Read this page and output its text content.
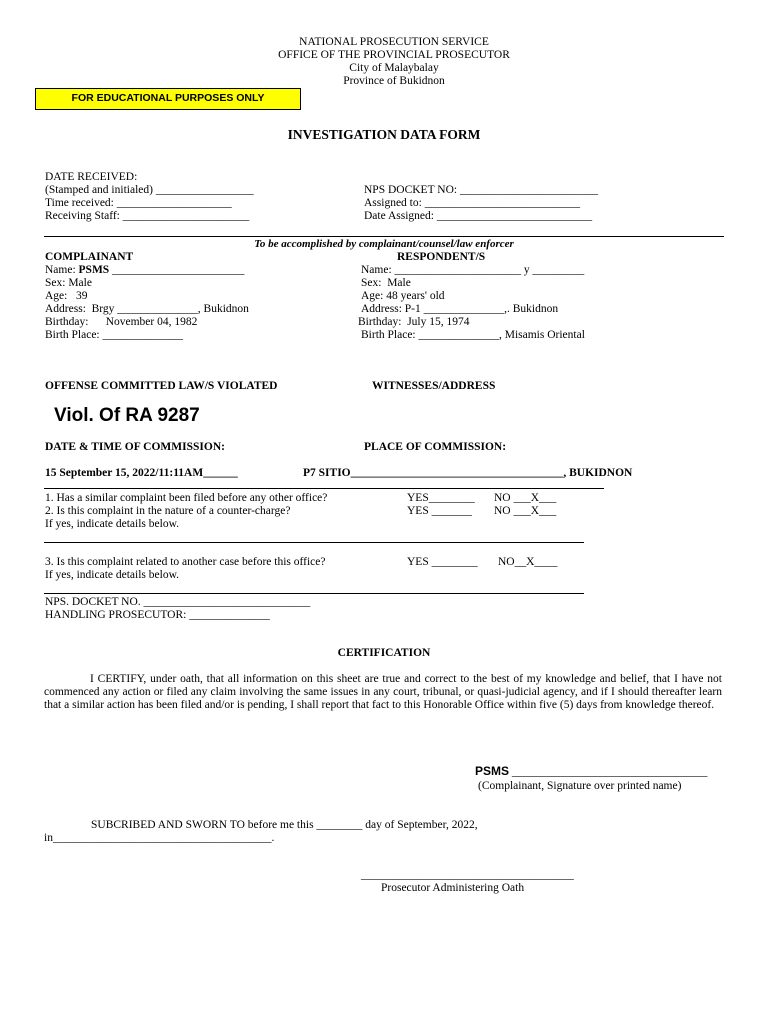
NATIONAL PROSECUTION SERVICE
OFFICE OF THE PROVINCIAL PROSECUTOR
City of Malaybalay
Province of Bukidnon
FOR EDUCATIONAL PURPOSES ONLY
INVESTIGATION DATA FORM
DATE RECEIVED:
(Stamped and initialed) _________________
Time received: ____________________
Receiving Staff: ______________________
NPS DOCKET NO: ________________________
Assigned to: ___________________________
Date Assigned: ___________________________
To be accomplished by complainant/counsel/law enforcer
COMPLAINANT
Name: PSMS _______________________
Sex: Male
Age:   39
Address:  Brgy ______________, Bukidnon
Birthday:      November 04, 1982
Birth Place: ______________
RESPONDENT/S
Name: ______________________ y _________
Sex:  Male
Age: 48 years' old
Address: P-1 ______________,. Bukidnon
Birthday:  July 15, 1974
Birth Place: ______________, Misamis Oriental
OFFENSE COMMITTED LAW/S VIOLATED	WITNESSES/ADDRESS
Viol. Of RA 9287
DATE & TIME OF COMMISSION:	PLACE OF COMMISSION:
15 September 15, 2022/11:11AM______	P7 SITIO_____________________________________, BUKIDNON
1. Has a similar complaint been filed before any other office?	YES________ NO ___X___
2. Is this complaint in the nature of a counter-charge?	YES _______ NO ___X___
If yes, indicate details below.
3. Is this complaint related to another case before this office?	YES ________ NO__X____
If yes, indicate details below.
NPS. DOCKET NO. _____________________________
HANDLING PROSECUTOR: ______________
CERTIFICATION
I CERTIFY, under oath, that all information on this sheet are true and correct to the best of my knowledge and belief, that I have not commenced any action or filed any claim involving the same issues in any court, tribunal, or quasi-judicial agency, and if I should thereafter learn that a similar action has been filed and/or is pending, I shall report that fact to this Honorable Office within five (5) days from knowledge thereof.
PSMS __________________________________
(Complainant, Signature over printed name)
SUBCRIBED AND SWORN TO before me this ________ day of September, 2022,
in______________________________________.
_____________________________________
Prosecutor Administering Oath
